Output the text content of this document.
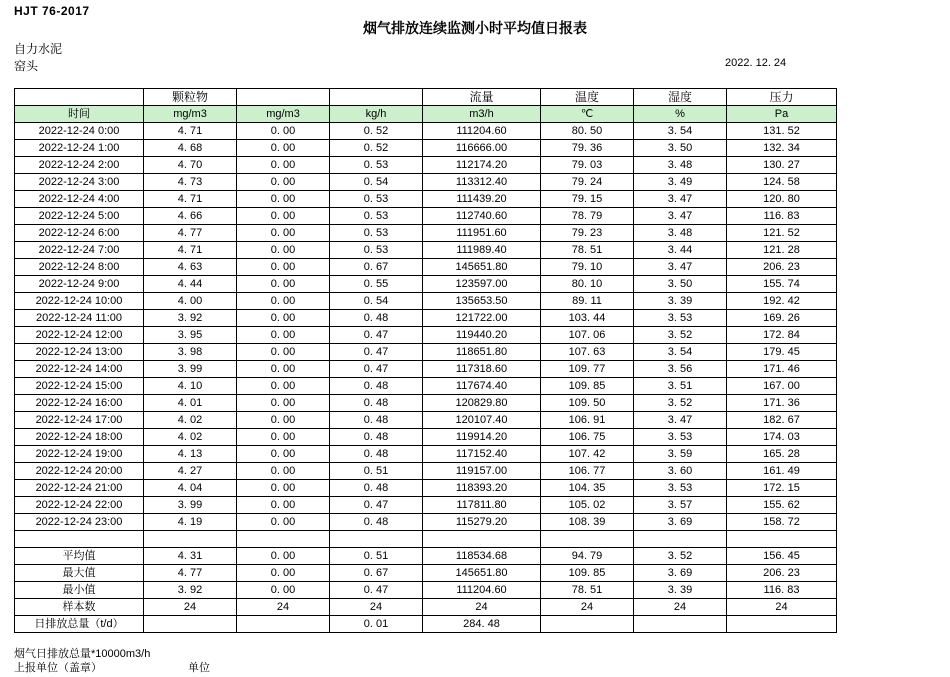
HJT 76-2017
烟气排放连续监测小时平均值日报表
自力水泥
窑头	2022. 12. 24
	颗粒物			流量	温度	湿度	压力
时间	mg/m3	mg/m3	kg/h	m3/h	℃	%	Pa
2022-12-24 0:00	4. 71	0. 00	0. 52	111204.60	80. 50	3. 54	131. 52
2022-12-24 1:00	4. 68	0. 00	0. 52	116666.00	79. 36	3. 50	132. 34
2022-12-24 2:00	4. 70	0. 00	0. 53	112174.20	79. 03	3. 48	130. 27
2022-12-24 3:00	4. 73	0. 00	0. 54	113312.40	79. 24	3. 49	124. 58
2022-12-24 4:00	4. 71	0. 00	0. 53	111439.20	79. 15	3. 47	120. 80
2022-12-24 5:00	4. 66	0. 00	0. 53	112740.60	78. 79	3. 47	116. 83
2022-12-24 6:00	4. 77	0. 00	0. 53	111951.60	79. 23	3. 48	121. 52
2022-12-24 7:00	4. 71	0. 00	0. 53	111989.40	78. 51	3. 44	121. 28
2022-12-24 8:00	4. 63	0. 00	0. 67	145651.80	79. 10	3. 47	206. 23
2022-12-24 9:00	4. 44	0. 00	0. 55	123597.00	80. 10	3. 50	155. 74
2022-12-24 10:00	4. 00	0. 00	0. 54	135653.50	89. 11	3. 39	192. 42
2022-12-24 11:00	3. 92	0. 00	0. 48	121722.00	103. 44	3. 53	169. 26
2022-12-24 12:00	3. 95	0. 00	0. 47	119440.20	107. 06	3. 52	172. 84
2022-12-24 13:00	3. 98	0. 00	0. 47	118651.80	107. 63	3. 54	179. 45
2022-12-24 14:00	3. 99	0. 00	0. 47	117318.60	109. 77	3. 56	171. 46
2022-12-24 15:00	4. 10	0. 00	0. 48	117674.40	109. 85	3. 51	167. 00
2022-12-24 16:00	4. 01	0. 00	0. 48	120829.80	109. 50	3. 52	171. 36
2022-12-24 17:00	4. 02	0. 00	0. 48	120107.40	106. 91	3. 47	182. 67
2022-12-24 18:00	4. 02	0. 00	0. 48	119914.20	106. 75	3. 53	174. 03
2022-12-24 19:00	4. 13	0. 00	0. 48	117152.40	107. 42	3. 59	165. 28
2022-12-24 20:00	4. 27	0. 00	0. 51	119157.00	106. 77	3. 60	161. 49
2022-12-24 21:00	4. 04	0. 00	0. 48	118393.20	104. 35	3. 53	172. 15
2022-12-24 22:00	3. 99	0. 00	0. 47	117811.80	105. 02	3. 57	155. 62
2022-12-24 23:00	4. 19	0. 00	0. 48	115279.20	108. 39	3. 69	158. 72

平均值	4. 31	0. 00	0. 51	118534.68	94. 79	3. 52	156. 45
最大值	4. 77	0. 00	0. 67	145651.80	109. 85	3. 69	206. 23
最小值	3. 92	0. 00	0. 47	111204.60	78. 51	3. 39	116. 83
样本数	24	24	24	24	24	24	24
日排放总量（t/d）			0. 01	284. 48			
烟气日排放总量*10000m3/h
上报单位（盖章）	单位
